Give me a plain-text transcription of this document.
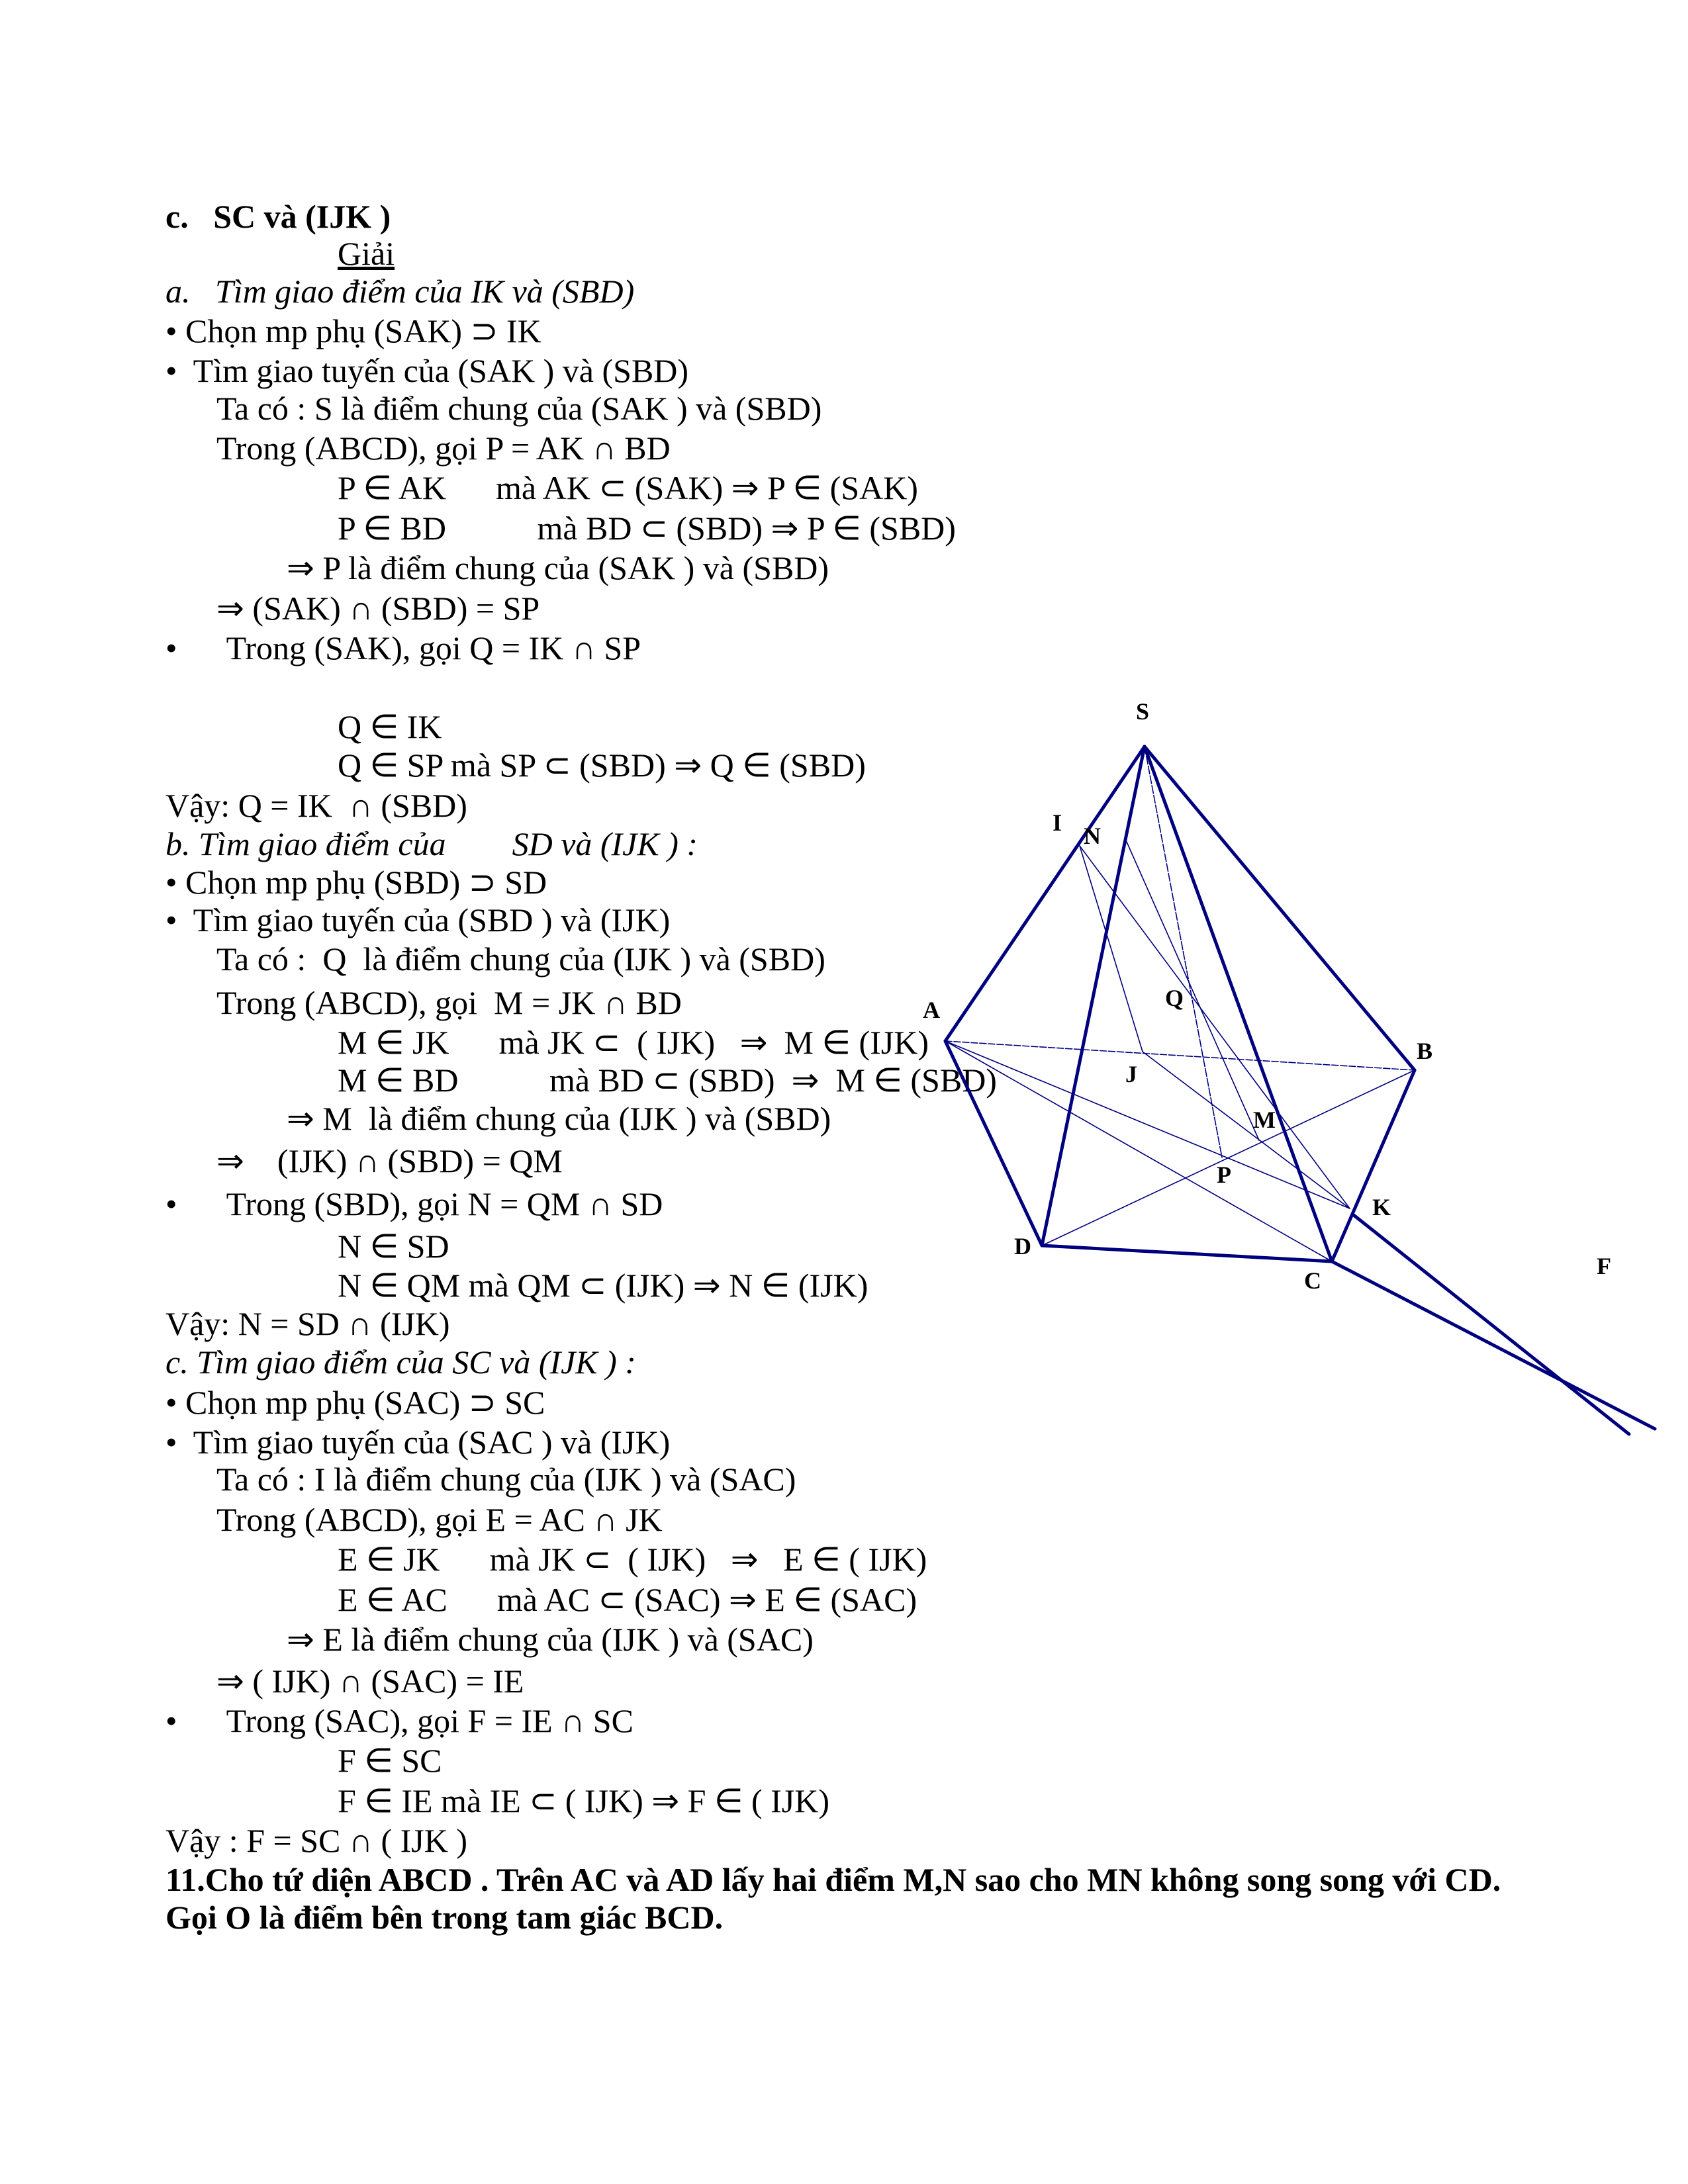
c.   SC và (IJK )
Giải
a.   Tìm giao điểm của IK và (SBD)
• Chọn mp phụ (SAK) ⊃ IK
•  Tìm giao tuyến của (SAK ) và (SBD)
Ta có : S là điểm chung của (SAK ) và (SBD)
Trong (ABCD), gọi P = AK ∩ BD
P ∈ AK      mà AK ⊂ (SAK) ⇒ P ∈ (SAK)
P ∈ BD           mà BD ⊂ (SBD) ⇒ P ∈ (SBD)
⇒ P là điểm chung của (SAK ) và (SBD)
⇒ (SAK) ∩ (SBD) = SP
•      Trong (SAK), gọi Q = IK ∩ SP
Q ∈ IK
Q ∈ SP mà SP ⊂ (SBD) ⇒ Q ∈ (SBD)
Vậy: Q = IK  ∩ (SBD)
b. Tìm giao điểm của        SD và (IJK ) :
• Chọn mp phụ (SBD) ⊃ SD
•  Tìm giao tuyến của (SBD ) và (IJK)
Ta có :  Q  là điểm chung của (IJK ) và (SBD)
Trong (ABCD), gọi  M = JK ∩ BD
M ∈ JK      mà JK ⊂  ( IJK)   ⇒  M ∈ (IJK)
M ∈ BD           mà BD ⊂ (SBD)  ⇒  M ∈ (SBD)
⇒ M  là điểm chung của (IJK ) và (SBD)
⇒    (IJK) ∩ (SBD) = QM
•      Trong (SBD), gọi N = QM ∩ SD
N ∈ SD
N ∈ QM mà QM ⊂ (IJK) ⇒ N ∈ (IJK)
Vậy: N = SD ∩ (IJK)
c. Tìm giao điểm của SC và (IJK ) :
• Chọn mp phụ (SAC) ⊃ SC
•  Tìm giao tuyến của (SAC ) và (IJK)
Ta có : I là điểm chung của (IJK ) và (SAC)
Trong (ABCD), gọi E = AC ∩ JK
E ∈ JK      mà JK ⊂  ( IJK)   ⇒   E ∈ ( IJK)
E ∈ AC      mà AC ⊂ (SAC) ⇒ E ∈ (SAC)
⇒ E là điểm chung của (IJK ) và (SAC)
⇒ ( IJK) ∩ (SAC) = IE
•      Trong (SAC), gọi F = IE ∩ SC
F ∈ SC
F ∈ IE mà IE ⊂ ( IJK) ⇒ F ∈ ( IJK)
Vậy : F = SC ∩ ( IJK )
11.Cho tứ diện ABCD . Trên AC và AD lấy hai điểm M,N sao cho MN không song song với CD.
Gọi O là điểm bên trong tam giác BCD.
S
I N
A
B
J
Q
M
P
K
D
C
F
